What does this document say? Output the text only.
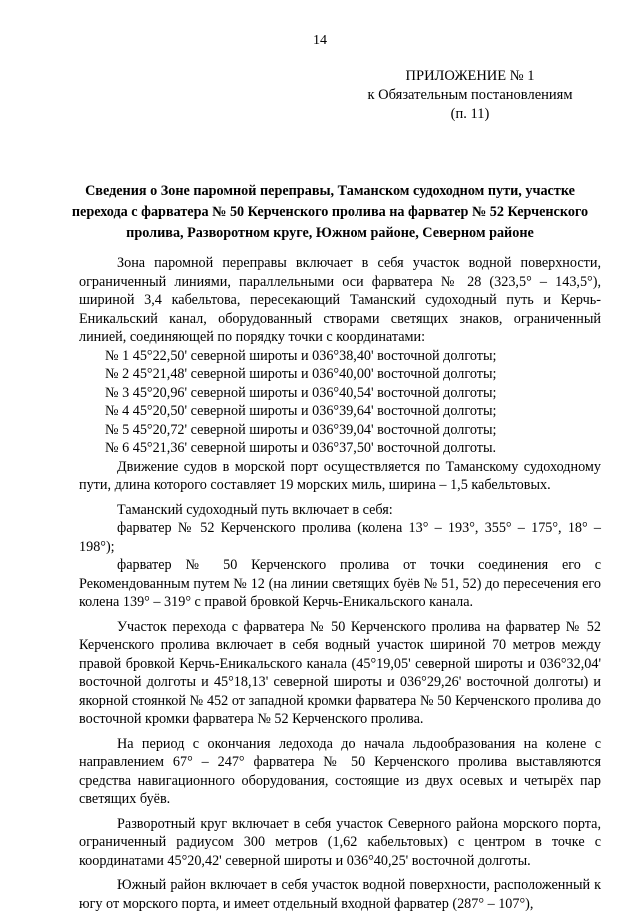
14
ПРИЛОЖЕНИЕ № 1
к Обязательным постановлениям
(п. 11)
Сведения о Зоне паромной переправы, Таманском судоходном пути, участке перехода с фарватера № 50 Керченского пролива на фарватер № 52 Керченского пролива, Разворотном круге, Южном районе, Северном районе

Зона паромной переправы включает в себя участок водной поверхности, ограниченный линиями, параллельными оси фарватера № 28 (323,5° – 143,5°), шириной 3,4 кабельтова, пересекающий Таманский судоходный путь и Керчь-Еникальский канал, оборудованный створами светящих знаков, ограниченный линией, соединяющей по порядку точки с координатами:

№ 1 45°22,50' северной широты и 036°38,40' восточной долготы;

№ 2 45°21,48' северной широты и 036°40,00' восточной долготы;

№ 3 45°20,96' северной широты и 036°40,54' восточной долготы;

№ 4 45°20,50' северной широты и 036°39,64' восточной долготы;

№ 5 45°20,72' северной широты и 036°39,04' восточной долготы;

№ 6 45°21,36' северной широты и 036°37,50' восточной долготы.

Движение судов в морской порт осуществляется по Таманскому судоходному пути, длина которого составляет 19 морских миль, ширина – 1,5 кабельтовых.

Таманский судоходный путь включает в себя:

фарватер № 52 Керченского пролива (колена 13° – 193°, 355° – 175°, 18° – 198°);

фарватер № 50 Керченского пролива от точки соединения его с Рекомендованным путем № 12 (на линии светящих буёв № 51, 52) до пересечения его колена 139° – 319° с правой бровкой Керчь-Еникальского канала.

Участок перехода с фарватера № 50 Керченского пролива на фарватер № 52 Керченского пролива включает в себя водный участок шириной 70 метров между правой бровкой Керчь-Еникальского канала (45°19,05' северной широты и 036°32,04' восточной долготы и 45°18,13' северной широты и 036°29,26' восточной долготы) и якорной стоянкой № 452 от западной кромки фарватера № 50 Керченского пролива до восточной кромки фарватера № 52 Керченского пролива.

На период с окончания ледохода до начала льдообразования на колене с направлением 67° – 247° фарватера № 50 Керченского пролива выставляются средства навигационного оборудования, состоящие из двух осевых и четырёх пар светящих буёв.

Разворотный круг включает в себя участок Северного района морского порта, ограниченный радиусом 300 метров (1,62 кабельтовых) с центром в точке с координатами 45°20,42' северной широты и 036°40,25' восточной долготы.

Южный район включает в себя участок водной поверхности, расположенный к югу от морского порта, и имеет отдельный входной фарватер (287° – 107°),
